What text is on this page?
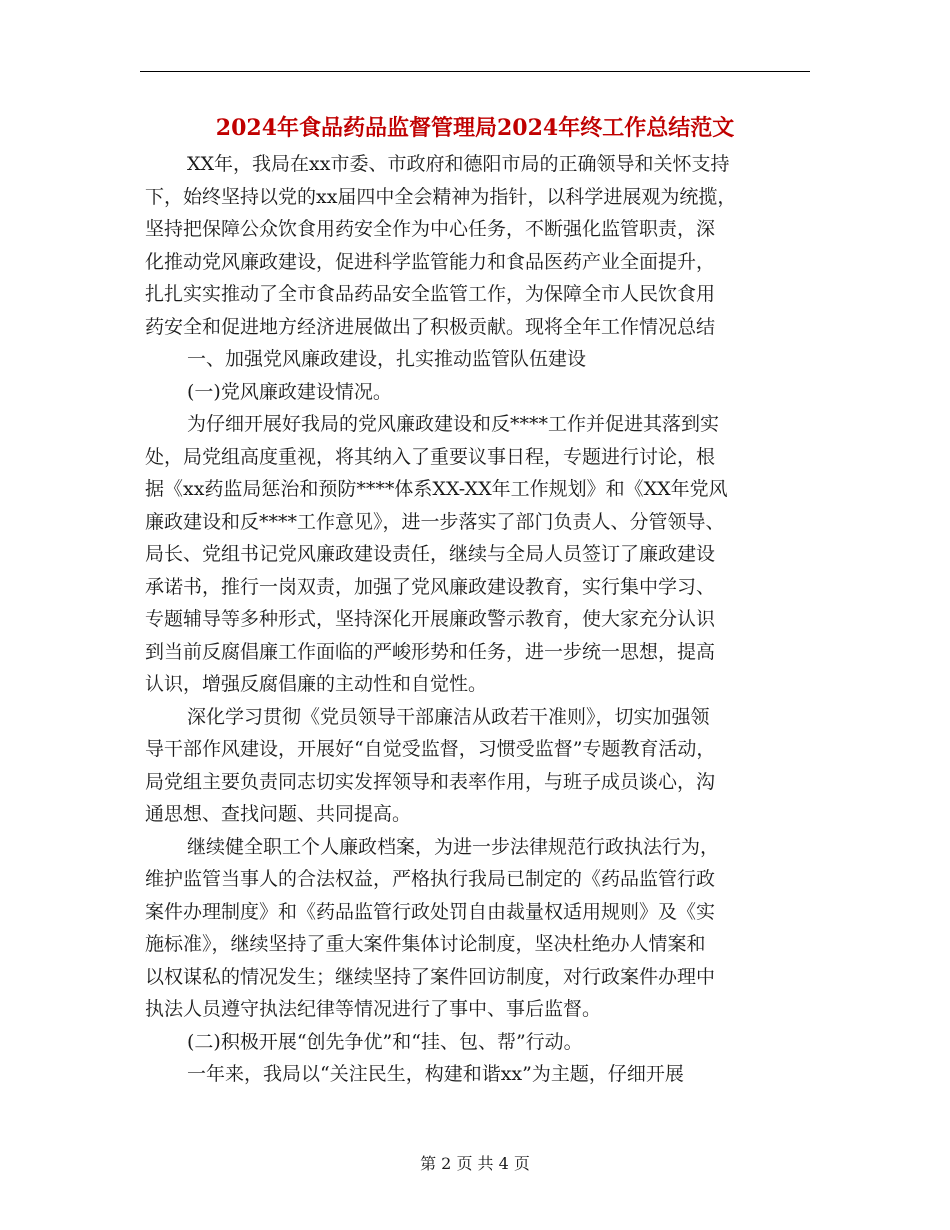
2024年食品药品监督管理局2024年终工作总结范文

XX年，我局在xx市委、市政府和德阳市局的正确领导和关怀支持
下，始终坚持以党的xx届四中全会精神为指针，以科学进展观为统揽，
坚持把保障公众饮食用药安全作为中心任务，不断强化监管职责，深
化推动党风廉政建设，促进科学监管能力和食品医药产业全面提升，
扎扎实实推动了全市食品药品安全监管工作，为保障全市人民饮食用
药安全和促进地方经济进展做出了积极贡献。现将全年工作情况总结

一、加强党风廉政建设，扎实推动监管队伍建设

(一)党风廉政建设情况。

为仔细开展好我局的党风廉政建设和反****工作并促进其落到实
处，局党组高度重视，将其纳入了重要议事日程，专题进行讨论，根
据《xx药监局惩治和预防****体系XX-XX年工作规划》和《XX年党风
廉政建设和反****工作意见》，进一步落实了部门负责人、分管领导、
局长、党组书记党风廉政建设责任，继续与全局人员签订了廉政建设
承诺书，推行一岗双责，加强了党风廉政建设教育，实行集中学习、
专题辅导等多种形式，坚持深化开展廉政警示教育，使大家充分认识
到当前反腐倡廉工作面临的严峻形势和任务，进一步统一思想，提高
认识，增强反腐倡廉的主动性和自觉性。

深化学习贯彻《党员领导干部廉洁从政若干准则》，切实加强领
导干部作风建设，开展好“自觉受监督，习惯受监督”专题教育活动，
局党组主要负责同志切实发挥领导和表率作用，与班子成员谈心，沟
通思想、查找问题、共同提高。

继续健全职工个人廉政档案，为进一步法律规范行政执法行为，
维护监管当事人的合法权益，严格执行我局已制定的《药品监管行政
案件办理制度》和《药品监管行政处罚自由裁量权适用规则》及《实
施标准》，继续坚持了重大案件集体讨论制度，坚决杜绝办人情案和
以权谋私的情况发生；继续坚持了案件回访制度，对行政案件办理中
执法人员遵守执法纪律等情况进行了事中、事后监督。

(二)积极开展“创先争优”和“挂、包、帮”行动。

一年来，我局以“关注民生，构建和谐xx”为主题，仔细开展

第 2 页 共 4 页
